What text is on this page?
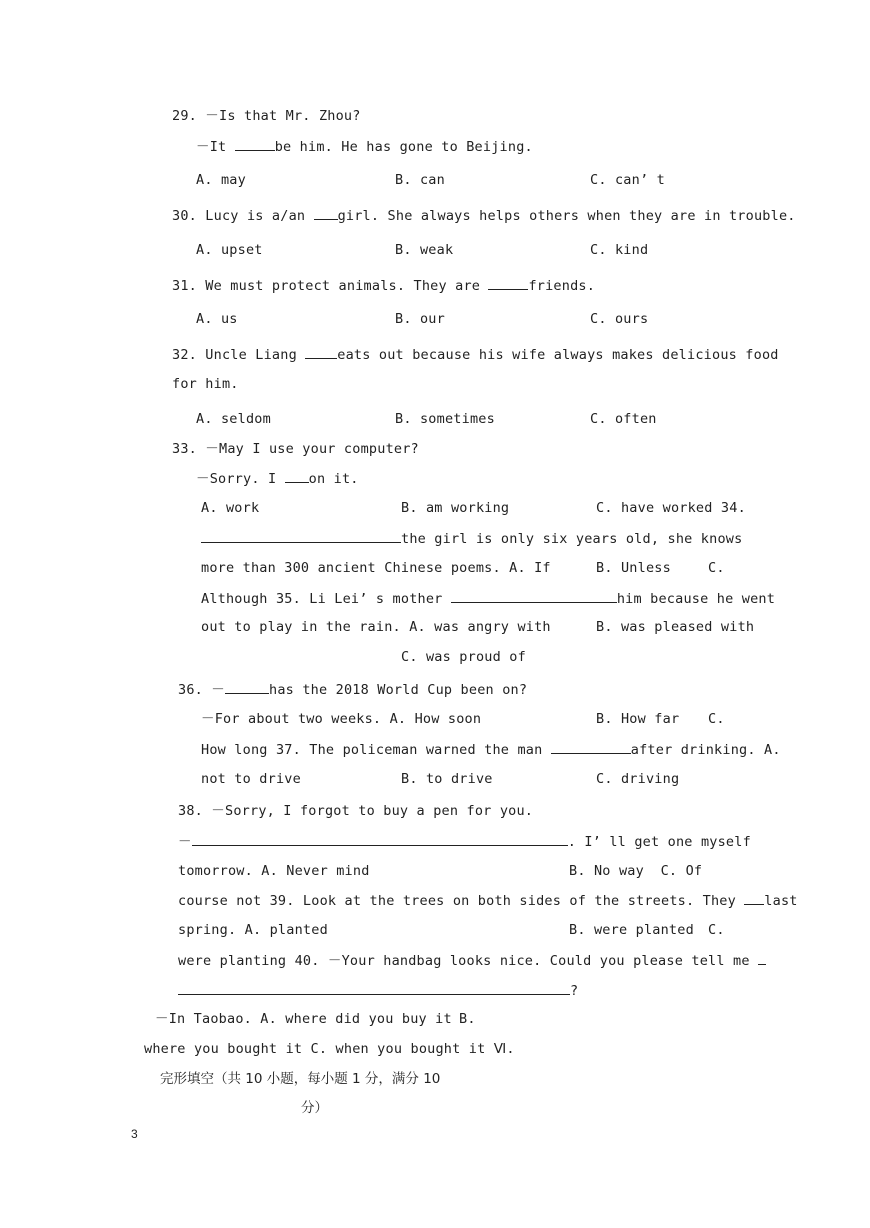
29. －Is that Mr. Zhou?
－It	be him. He has gone to Beijing.
A. may	B. can	C. can’ t
30. Lucy is a/an girl. She always helps others when they are in trouble.
A. upset	B. weak	C. kind
31. We must protect animals. They are	friends.
A. us	B. our	C. ours
32. Uncle Liang eats out because his wife always makes delicious food
for him.
A. seldom	B. sometimes	C. often
33. －May I use your computer?
－Sorry. I on it.
A. work	B. am working	C. have worked 34.
the girl is only six years old, she knows
more than 300 ancient Chinese poems. A. If	B. Unless	C.
Although 35. Li Lei’ s mother	him because he went
out to play in the rain. A. was angry with	B. was pleased with
C. was proud of
36. －	has the 2018 World Cup been on?
－For about two weeks. A. How soon	B. How far C.
How long 37. The policeman warned the man	after drinking. A.
not to drive	B. to drive	C. driving
38. －Sorry, I forgot to buy a pen for you.
－	. I’ ll get one myself
tomorrow. A. Never mind	B. No way  C. Of
course not 39. Look at the trees on both sides of the streets. They last
spring. A. planted	B. were planted C.
were planting 40. －Your handbag looks nice. Could you please tell me
?
－In Taobao. A. where did you buy it B.
where you bought it C. when you bought it Ⅵ.
完形填空（共 10 小题，每小题 1 分，满分 10
分）
3
